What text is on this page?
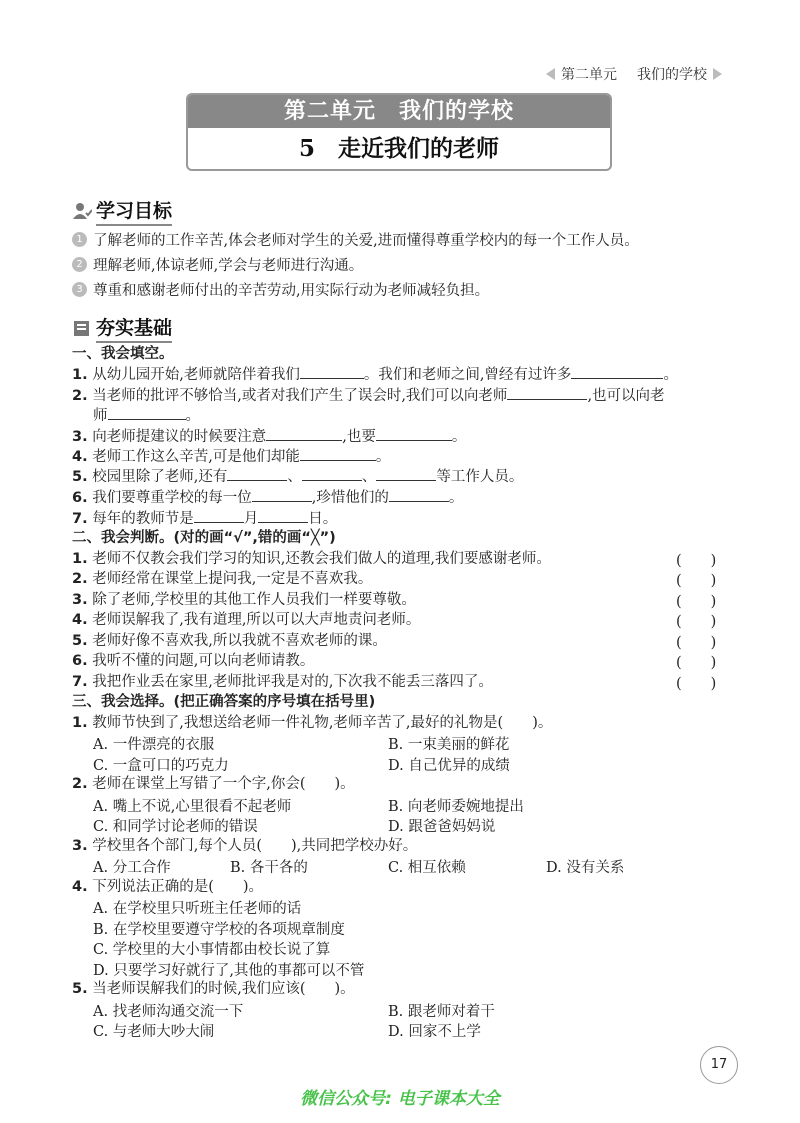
第二单元 我们的学校
第二单元　我们的学校
5　走近我们的老师
学习目标
1 了解老师的工作辛苦,体会老师对学生的关爱,进而懂得尊重学校内的每一个工作人员。
2 理解老师,体谅老师,学会与老师进行沟通。
3 尊重和感谢老师付出的辛苦劳动,用实际行动为老师减轻负担。
夯实基础
一、我会填空。
1. 从幼儿园开始,老师就陪伴着我们	。我们和老师之间,曾经有过许多	。
2. 当老师的批评不够恰当,或者对我们产生了误会时,我们可以向老师	,也可以向老
师	。
3. 向老师提建议的时候要注意	,也要	。
4. 老师工作这么辛苦,可是他们却能	。
5. 校园里除了老师,还有	、	、	等工作人员。
6. 我们要尊重学校的每一位	,珍惜他们的	。
7. 每年的教师节是	月	日。
二、我会判断。(对的画“√”,错的画“╳”)
1. 老师不仅教会我们学习的知识,还教会我们做人的道理,我们要感谢老师。	(　　)
2. 老师经常在课堂上提问我,一定是不喜欢我。	(　　)
3. 除了老师,学校里的其他工作人员我们一样要尊敬。	(　　)
4. 老师误解我了,我有道理,所以可以大声地责问老师。	(　　)
5. 老师好像不喜欢我,所以我就不喜欢老师的课。	(　　)
6. 我听不懂的问题,可以向老师请教。	(　　)
7. 我把作业丢在家里,老师批评我是对的,下次我不能丢三落四了。	(　　)
三、我会选择。(把正确答案的序号填在括号里)
1. 教师节快到了,我想送给老师一件礼物,老师辛苦了,最好的礼物是(　　)。
A. 一件漂亮的衣服	B. 一束美丽的鲜花
C. 一盒可口的巧克力	D. 自己优异的成绩
2. 老师在课堂上写错了一个字,你会(　　)。
A. 嘴上不说,心里很看不起老师	B. 向老师委婉地提出
C. 和同学讨论老师的错误	D. 跟爸爸妈妈说
3. 学校里各个部门,每个人员(　　),共同把学校办好。
A. 分工合作	B. 各干各的	C. 相互依赖	D. 没有关系
4. 下列说法正确的是(　　)。
A. 在学校里只听班主任老师的话
B. 在学校里要遵守学校的各项规章制度
C. 学校里的大小事情都由校长说了算
D. 只要学习好就行了,其他的事都可以不管
5. 当老师误解我们的时候,我们应该(　　)。
A. 找老师沟通交流一下	B. 跟老师对着干
C. 与老师大吵大闹	D. 回家不上学
17
微信公众号: 电子课本大全
